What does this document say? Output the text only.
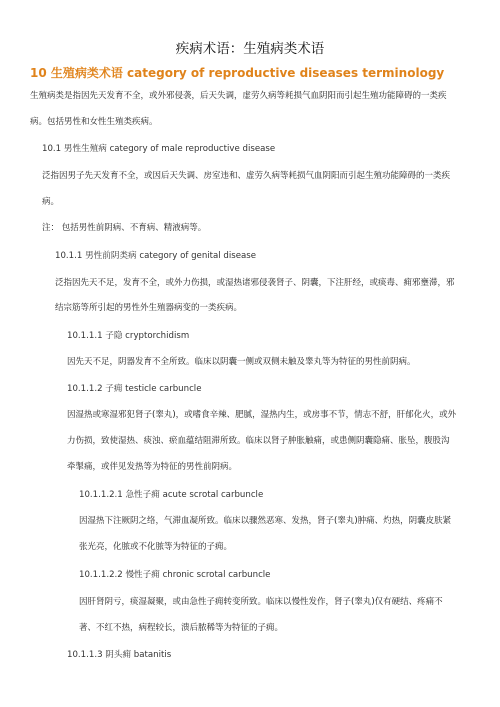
疾病术语：生殖病类术语
10 生殖病类术语 category of reproductive diseases terminology
生殖病类是指因先天发育不全，或外邪侵袭，后天失调，虚劳久病等耗损气血阴阳而引起生殖功能障碍的一类疾
病。包括男性和女性生殖类疾病。
10.1 男性生殖病 category of male reproductive disease
泛指因男子先天发育不全，或因后天失调、房室违和、虚劳久病等耗损气血阴阳而引起生殖功能障碍的一类疾
病。
注： 包括男性前阴病、不育病、精液病等。
10.1.1 男性前阴类病 category of genital disease
泛指因先天不足，发育不全，或外力伤损，或湿热诸邪侵袭肾子、阴囊，下注肝经，或痰毒、痈邪壅滞，邪
结宗筋等所引起的男性外生殖器病变的一类疾病。
10.1.1.1 子隐 cryptorchidism
因先天不足，阴器发育不全所致。临床以阴囊一侧或双侧未触及睾丸等为特征的男性前阴病。
10.1.1.2 子痈 testicle carbuncle
因湿热或寒湿邪犯肾子(睾丸)，或嗜食辛辣、肥腻，湿热内生，或房事不节，情志不舒，肝郁化火，或外
力伤损，致使湿热、痰浊、瘀血蕴结阻滞所致。临床以肾子肿胀触痛，或患侧阴囊隐痛、胀坠，腹股沟
牵掣痛，或伴见发热等为特征的男性前阴病。
10.1.1.2.1 急性子痈 acute scrotal carbuncle
因湿热下注厥阴之络，气滞血凝所致。临床以骤然恶寒、发热，肾子(睾丸)肿痛、灼热，阴囊皮肤紧
张光亮，化脓或不化脓等为特征的子痈。
10.1.1.2.2 慢性子痈 chronic scrotal carbuncle
因肝肾阴亏，痰湿凝聚，或由急性子痈转变所致。临床以慢性发作，肾子(睾丸)仅有硬结、疼痛不
著、不红不热，病程较长，溃后脓稀等为特征的子痈。
10.1.1.3 阴头痈 batanitis
